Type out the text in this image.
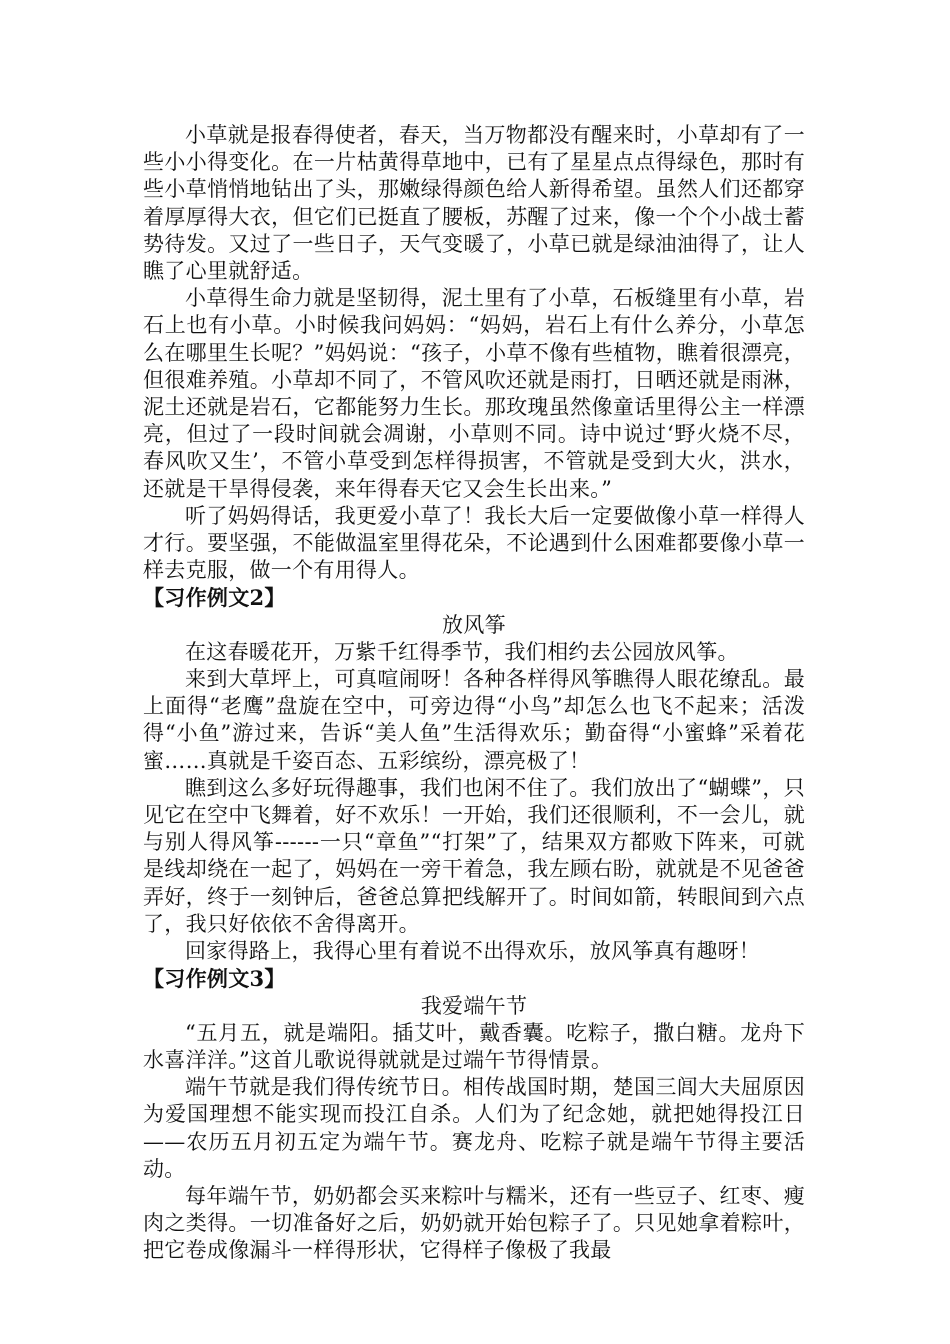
小草就是报春得使者，春天，当万物都没有醒来时，小草却有了一些小小得变化。在一片枯黄得草地中，已有了星星点点得绿色，那时有些小草悄悄地钻出了头，那嫩绿得颜色给人新得希望。虽然人们还都穿着厚厚得大衣，但它们已挺直了腰板，苏醒了过来，像一个个小战士蓄势待发。又过了一些日子，天气变暖了，小草已就是绿油油得了，让人瞧了心里就舒适。

小草得生命力就是坚韧得，泥土里有了小草，石板缝里有小草，岩石上也有小草。小时候我问妈妈：“妈妈，岩石上有什么养分，小草怎么在哪里生长呢？”妈妈说：“孩子，小草不像有些植物，瞧着很漂亮，但很难养殖。小草却不同了，不管风吹还就是雨打，日晒还就是雨淋，泥土还就是岩石，它都能努力生长。那玫瑰虽然像童话里得公主一样漂亮，但过了一段时间就会凋谢，小草则不同。诗中说过‘野火烧不尽，春风吹又生’，不管小草受到怎样得损害，不管就是受到大火，洪水，还就是干旱得侵袭，来年得春天它又会生长出来。”

听了妈妈得话，我更爱小草了！我长大后一定要做像小草一样得人才行。要坚强，不能做温室里得花朵，不论遇到什么困难都要像小草一样去克服，做一个有用得人。

【习作例文2】
放风筝

在这春暖花开，万紫千红得季节，我们相约去公园放风筝。

来到大草坪上，可真喧闹呀！各种各样得风筝瞧得人眼花缭乱。最上面得“老鹰”盘旋在空中，可旁边得“小鸟”却怎么也飞不起来；活泼得“小鱼”游过来，告诉“美人鱼”生活得欢乐；勤奋得“小蜜蜂”采着花蜜……真就是千姿百态、五彩缤纷，漂亮极了！

瞧到这么多好玩得趣事，我们也闲不住了。我们放出了“蝴蝶”，只见它在空中飞舞着，好不欢乐！一开始，我们还很顺利，不一会儿，就与别人得风筝------一只“章鱼”“打架”了，结果双方都败下阵来，可就是线却绕在一起了，妈妈在一旁干着急，我左顾右盼，就就是不见爸爸弄好，终于一刻钟后，爸爸总算把线解开了。时间如箭，转眼间到六点了，我只好依依不舍得离开。

回家得路上，我得心里有着说不出得欢乐，放风筝真有趣呀！

【习作例文3】
我爱端午节

“五月五，就是端阳。插艾叶，戴香囊。吃粽子，撒白糖。龙舟下水喜洋洋。”这首儿歌说得就就是过端午节得情景。

端午节就是我们得传统节日。相传战国时期，楚国三闾大夫屈原因为爱国理想不能实现而投江自杀。人们为了纪念她，就把她得投江日——农历五月初五定为端午节。赛龙舟、吃粽子就是端午节得主要活动。

每年端午节，奶奶都会买来粽叶与糯米，还有一些豆子、红枣、瘦肉之类得。一切准备好之后，奶奶就开始包粽子了。只见她拿着粽叶，把它卷成像漏斗一样得形状，它得样子像极了我最
